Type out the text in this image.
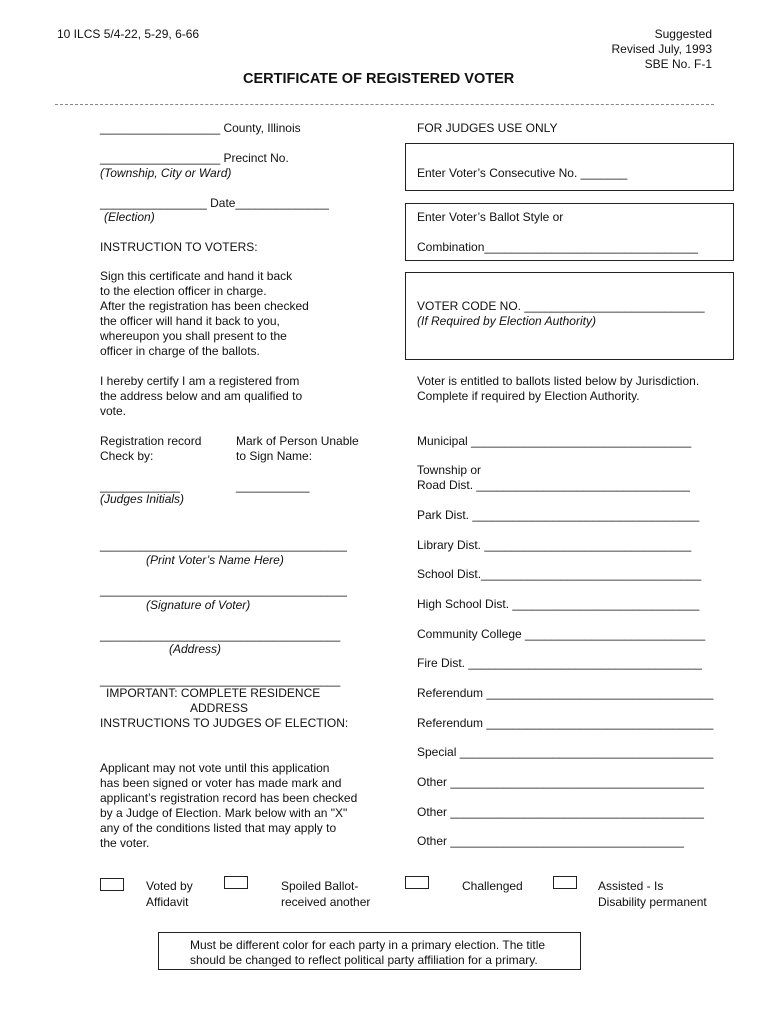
10 ILCS 5/4-22, 5-29, 6-66	Suggested
Revised July, 1993
SBE No. F-1
CERTIFICATE OF REGISTERED VOTER
__________________ County, Illinois
__________________ Precinct No.
(Township, City or Ward)
________________ Date______________
(Election)
INSTRUCTION TO VOTERS:
Sign this certificate and hand it back
to the election officer in charge.
After the registration has been checked
the officer will hand it back to you,
whereupon you shall present to the
officer in charge of the ballots.
I hereby certify I am a registered from
the address below and am qualified to
vote.
Registration record
Check by:
Mark of Person Unable
to Sign Name:
____________	___________
(Judges Initials)
_____________________________________
(Print Voter’s Name Here)
_____________________________________
(Signature of Voter)
____________________________________
(Address)
____________________________________
IMPORTANT: COMPLETE RESIDENCE
ADDRESS
INSTRUCTIONS TO JUDGES OF ELECTION:
Applicant may not vote until this application
has been signed or voter has made mark and
applicant’s registration record has been checked
by a Judge of Election. Mark below with an "X"
any of the conditions listed that may apply to
the voter.
FOR JUDGES USE ONLY
Enter Voter’s Consecutive No. _______
Enter Voter’s Ballot Style or
Combination________________________________
VOTER CODE NO. ___________________________
(If Required by Election Authority)
Voter is entitled to ballots listed below by Jurisdiction.
Complete if required by Election Authority.
Municipal _________________________________
Township or
Road Dist. ________________________________
Park Dist. __________________________________
Library Dist. _______________________________
School Dist._________________________________
High School Dist. ____________________________
Community College ___________________________
Fire Dist. ___________________________________
Referendum __________________________________
Referendum __________________________________
Special ______________________________________
Other ______________________________________
Other ______________________________________
Other ___________________________________
Voted by
Affidavit
Spoiled Ballot-
received another
Challenged	Assisted - Is
Disability permanent
Must be different color for each party in a primary election. The title
should be changed to reflect political party affiliation for a primary.
